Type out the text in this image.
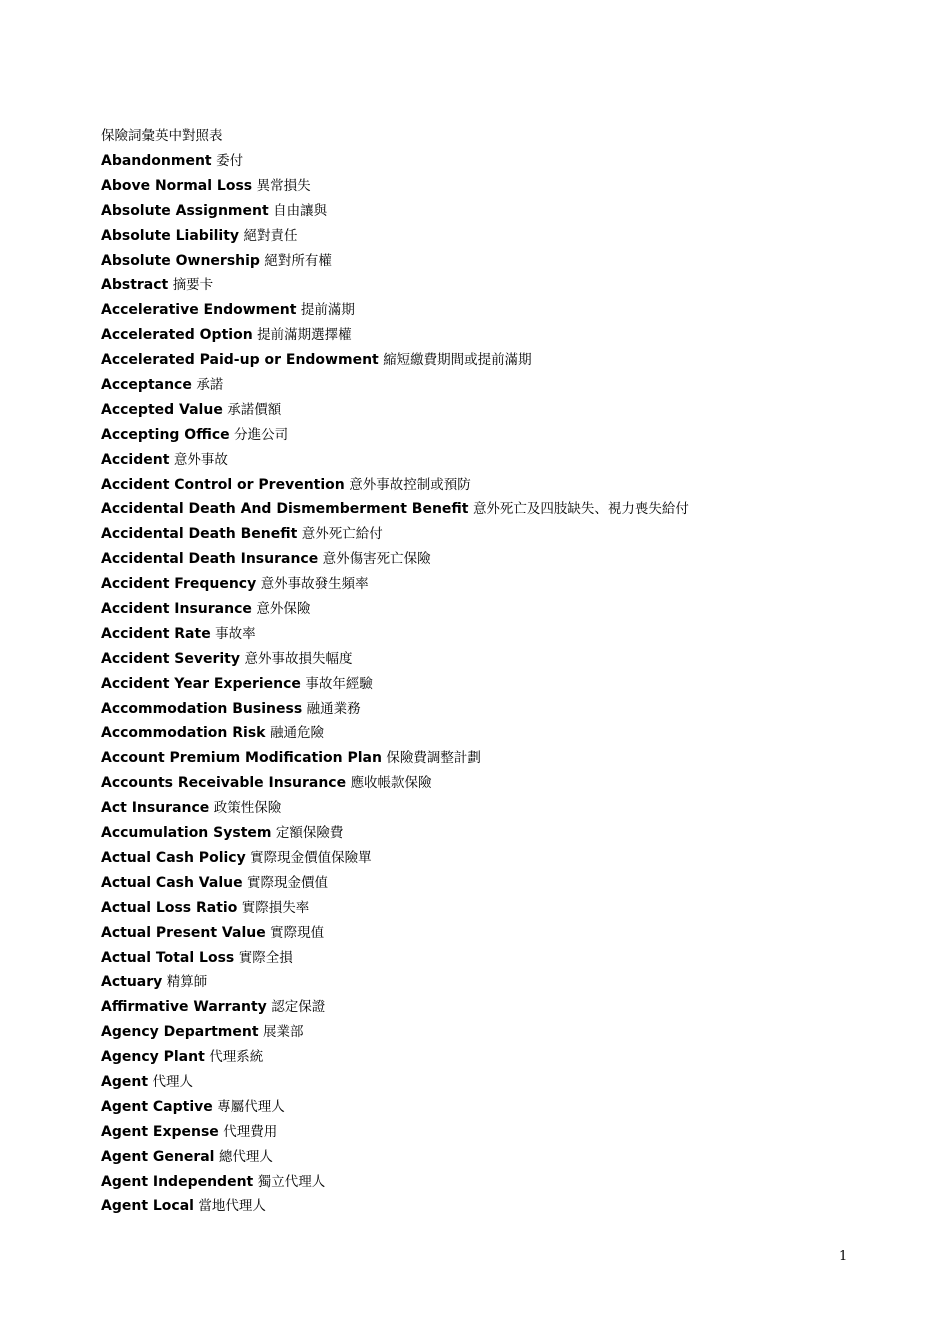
保險詞彙英中對照表
Abandonment 委付
Above Normal Loss 異常損失
Absolute Assignment 自由讓與
Absolute Liability 絕對責任
Absolute Ownership 絕對所有權
Abstract 摘要卡
Accelerative Endowment 提前滿期
Accelerated Option 提前滿期選擇權
Accelerated Paid-up or Endowment 縮短繳費期間或提前滿期
Acceptance 承諾
Accepted Value 承諾價額
Accepting Office 分進公司
Accident 意外事故
Accident Control or Prevention 意外事故控制或預防
Accidental Death And Dismemberment Benefit 意外死亡及四肢缺失、視力喪失給付
Accidental Death Benefit 意外死亡給付
Accidental Death Insurance 意外傷害死亡保險
Accident Frequency 意外事故發生頻率
Accident Insurance 意外保險
Accident Rate 事故率
Accident Severity 意外事故損失幅度
Accident Year Experience 事故年經驗
Accommodation Business 融通業務
Accommodation Risk 融通危險
Account Premium Modification Plan 保險費調整計劃
Accounts Receivable Insurance 應收帳款保險
Act Insurance 政策性保險
Accumulation System 定額保險費
Actual Cash Policy 實際現金價值保險單
Actual Cash Value 實際現金價值
Actual Loss Ratio 實際損失率
Actual Present Value 實際現值
Actual Total Loss 實際全損
Actuary 精算師
Affirmative Warranty 認定保證
Agency Department 展業部
Agency Plant 代理系統
Agent 代理人
Agent Captive 專屬代理人
Agent Expense 代理費用
Agent General 總代理人
Agent Independent 獨立代理人
Agent Local 當地代理人
1
